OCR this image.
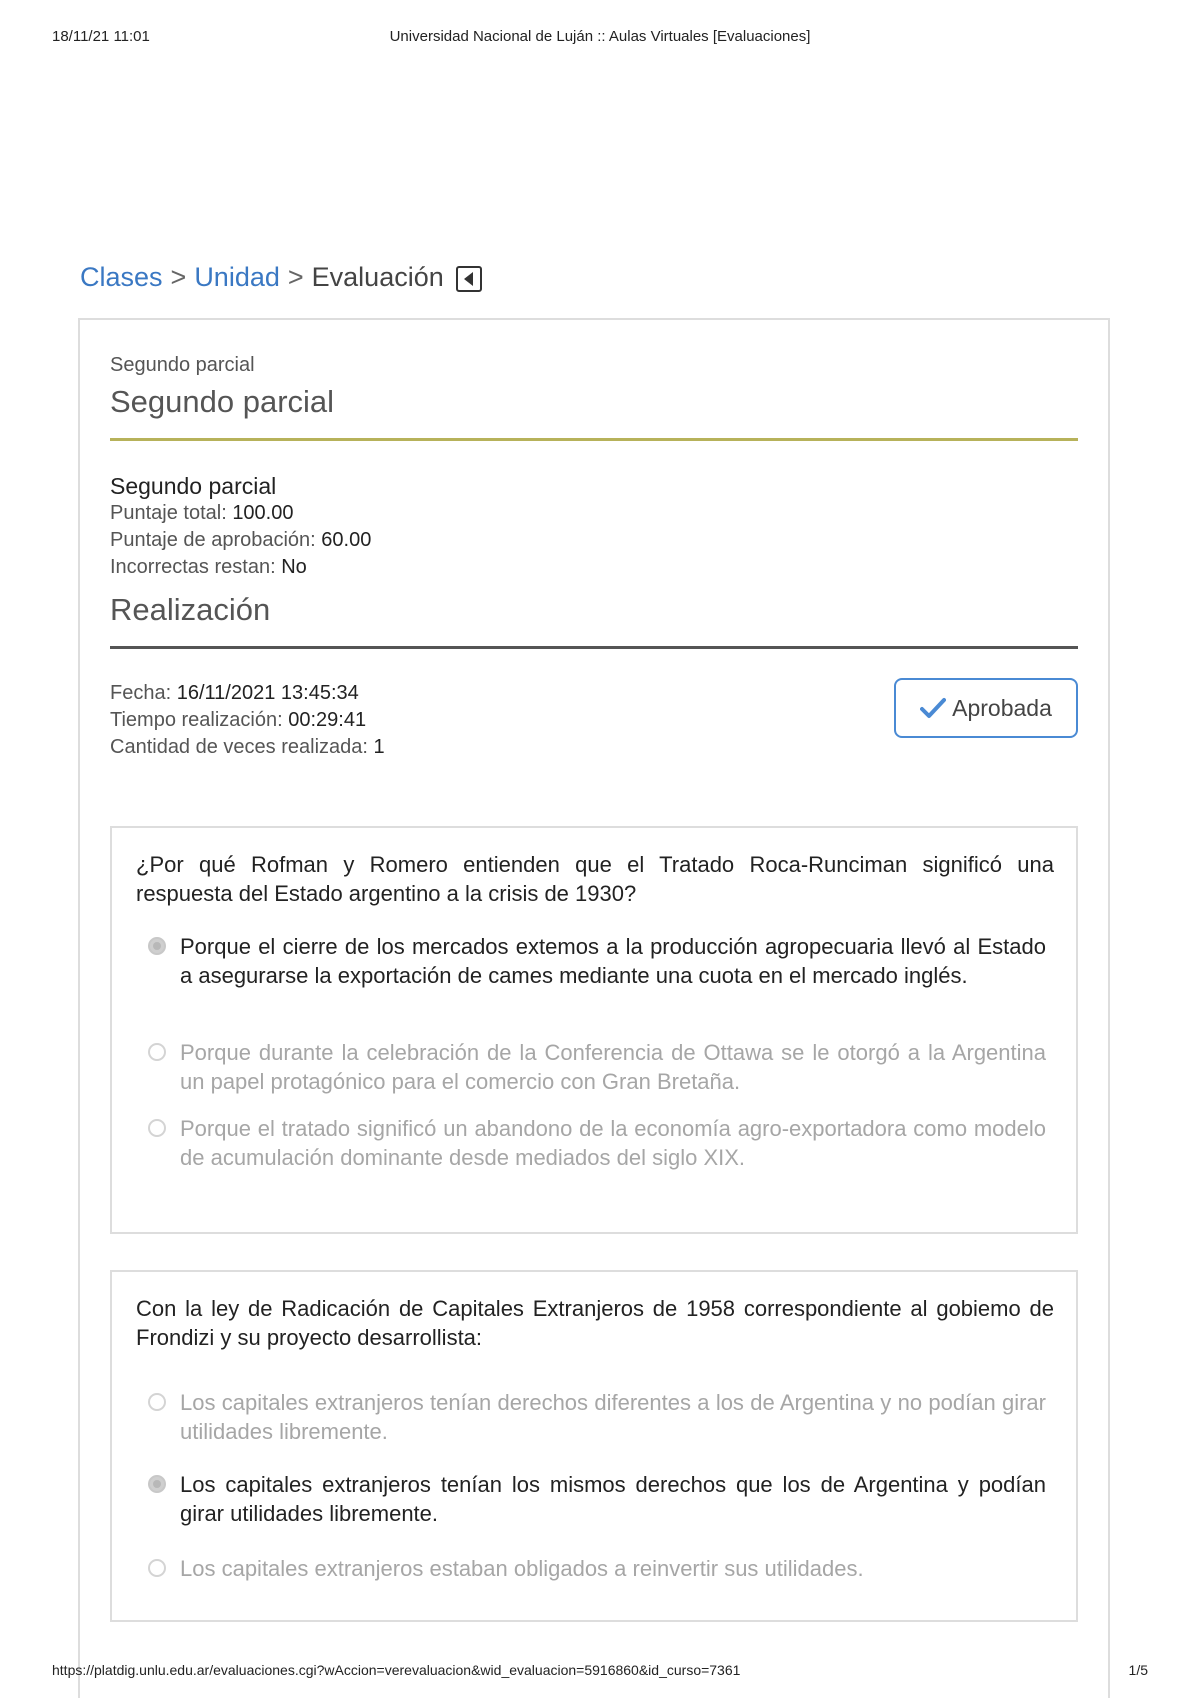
18/11/21 11:01	Universidad Nacional de Luján :: Aulas Virtuales [Evaluaciones]
Clases > Unidad > Evaluación
Segundo parcial
Segundo parcial
Segundo parcial
Puntaje total: 100.00
Puntaje de aprobación: 60.00
Incorrectas restan: No
Realización
Fecha: 16/11/2021 13:45:34
Tiempo realización: 00:29:41
Cantidad de veces realizada: 1
Aprobada
¿Por qué Rofman y Romero entienden que el Tratado Roca-Runciman significó una respuesta del Estado argentino a la crisis de 1930?
Porque el cierre de los mercados extemos a la producción agropecuaria llevó al Estado a asegurarse la exportación de cames mediante una cuota en el mercado inglés.
Porque durante la celebración de la Conferencia de Ottawa se le otorgó a la Argentina un papel protagónico para el comercio con Gran Bretaña.
Porque el tratado significó un abandono de la economía agro-exportadora como modelo de acumulación dominante desde mediados del siglo XIX.
Con la ley de Radicación de Capitales Extranjeros de 1958 correspondiente al gobiemo de Frondizi y su proyecto desarrollista:
Los capitales extranjeros tenían derechos diferentes a los de Argentina y no podían girar utilidades libremente.
Los capitales extranjeros tenían los mismos derechos que los de Argentina y podían girar utilidades libremente.
Los capitales extranjeros estaban obligados a reinvertir sus utilidades.
https://platdig.unlu.edu.ar/evaluaciones.cgi?wAccion=verevaluacion&wid_evaluacion=5916860&id_curso=7361	1/5
